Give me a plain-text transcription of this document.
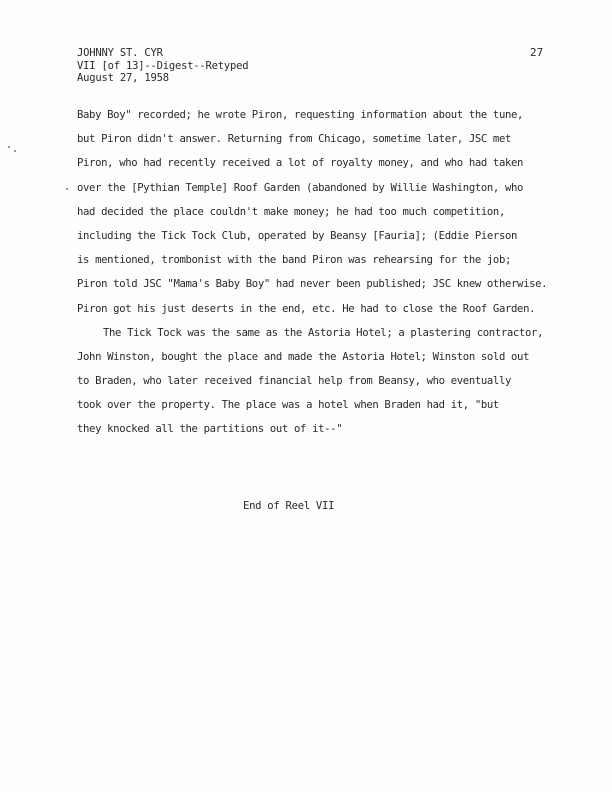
JOHNNY ST. CYR
VII [of 13]--Digest--Retyped
August 27, 1958
27
Baby Boy" recorded; he wrote Piron, requesting information about the tune,
but Piron didn't answer. Returning from Chicago, sometime later, JSC met
Piron, who had recently received a lot of royalty money, and who had taken
over the [Pythian Temple] Roof Garden (abandoned by Willie Washington, who
had decided the place couldn't make money; he had too much competition,
including the Tick Tock Club, operated by Beansy [Fauria]; (Eddie Pierson
is mentioned, trombonist with the band Piron was rehearsing for the job;
Piron told JSC "Mama's Baby Boy" had never been published; JSC knew otherwise.
Piron got his just deserts in the end, etc. He had to close the Roof Garden.
The Tick Tock was the same as the Astoria Hotel; a plastering contractor,
John Winston, bought the place and made the Astoria Hotel; Winston sold out
to Braden, who later received financial help from Beansy, who eventually
took over the property. The place was a hotel when Braden had it, "but
they knocked all the partitions out of it--"
End of Reel VII
